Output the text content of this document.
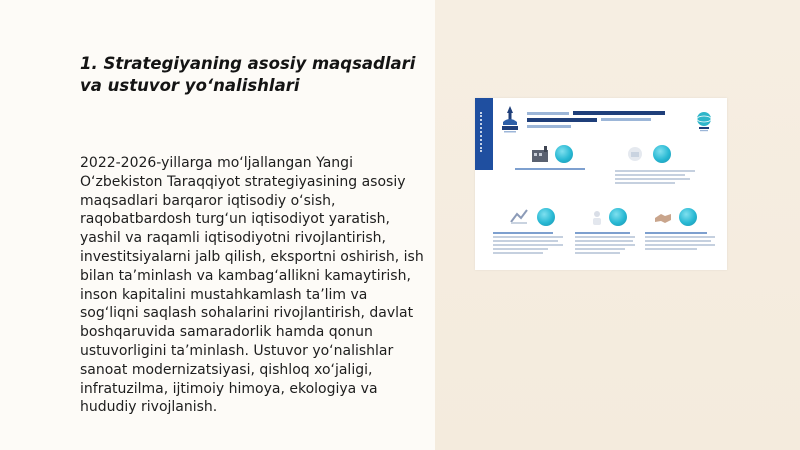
1. Strategiyaning asosiy maqsadlari va ustuvor yo‘nalishlari

2022-2026-yillarga mo‘ljallangan Yangi O‘zbekiston Taraqqiyot strategiyasining asosiy maqsadlari barqaror iqtisodiy o‘sish, raqobatbardosh turg‘un iqtisodiyot yaratish, yashil va raqamli iqtisodiyotni rivojlantirish, investitsiyalarni jalb qilish, eksportni oshirish, ish bilan ta’minlash va kambag‘allikni kamaytirish, inson kapitalini mustahkamlash ta’lim va sog‘liqni saqlash sohalarini rivojlantirish, davlat boshqaruvida samaradorlik hamda qonun ustuvorligini ta’minlash. Ustuvor yo‘nalishlar sanoat modernizatsiyasi, qishloq xo‘jaligi, infratuzilma, ijtimoiy himoya, ekologiya va hududiy rivojlanish.
